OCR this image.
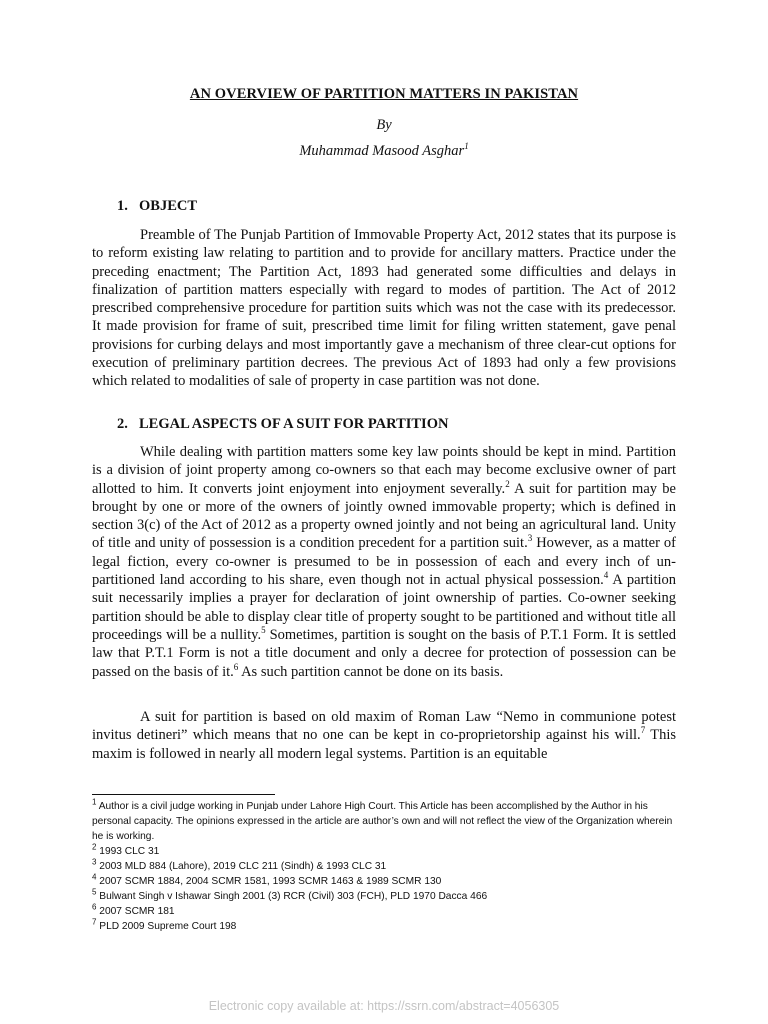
AN OVERVIEW OF PARTITION MATTERS IN PAKISTAN
By
Muhammad Masood Asghar$^1$
1. OBJECT
Preamble of The Punjab Partition of Immovable Property Act, 2012 states that its purpose is to reform existing law relating to partition and to provide for ancillary matters. Practice under the preceding enactment; The Partition Act, 1893 had generated some difficulties and delays in finalization of partition matters especially with regard to modes of partition. The Act of 2012 prescribed comprehensive procedure for partition suits which was not the case with its predecessor. It made provision for frame of suit, prescribed time limit for filing written statement, gave penal provisions for curbing delays and most importantly gave a mechanism of three clear-cut options for execution of preliminary partition decrees. The previous Act of 1893 had only a few provisions which related to modalities of sale of property in case partition was not done.
2. LEGAL ASPECTS OF A SUIT FOR PARTITION
While dealing with partition matters some key law points should be kept in mind. Partition is a division of joint property among co-owners so that each may become exclusive owner of part allotted to him. It converts joint enjoyment into enjoyment severally.$^2$ A suit for partition may be brought by one or more of the owners of jointly owned immovable property; which is defined in section 3(c) of the Act of 2012 as a property owned jointly and not being an agricultural land. Unity of title and unity of possession is a condition precedent for a partition suit.$^3$ However, as a matter of legal fiction, every co-owner is presumed to be in possession of each and every inch of un-partitioned land according to his share, even though not in actual physical possession.$^4$ A partition suit necessarily implies a prayer for declaration of joint ownership of parties. Co-owner seeking partition should be able to display clear title of property sought to be partitioned and without title all proceedings will be a nullity.$^5$ Sometimes, partition is sought on the basis of P.T.1 Form. It is settled law that P.T.1 Form is not a title document and only a decree for protection of possession can be passed on the basis of it.$^6$ As such partition cannot be done on its basis.
A suit for partition is based on old maxim of Roman Law “Nemo in communione potest invitus detineri” which means that no one can be kept in co-proprietorship against his will.$^7$ This maxim is followed in nearly all modern legal systems. Partition is an equitable
$^1$ Author is a civil judge working in Punjab under Lahore High Court. This Article has been accomplished by the Author in his personal capacity. The opinions expressed in the article are author’s own and will not reflect the view of the Organization wherein he is working.
$^2$ 1993 CLC 31
$^3$ 2003 MLD 884 (Lahore), 2019 CLC 211 (Sindh) & 1993 CLC 31
$^4$ 2007 SCMR 1884, 2004 SCMR 1581, 1993 SCMR 1463 & 1989 SCMR 130
$^5$ Bulwant Singh v Ishawar Singh 2001 (3) RCR (Civil) 303 (FCH), PLD 1970 Dacca 466
$^6$ 2007 SCMR 181
$^7$ PLD 2009 Supreme Court 198
Electronic copy available at: https://ssrn.com/abstract=4056305
